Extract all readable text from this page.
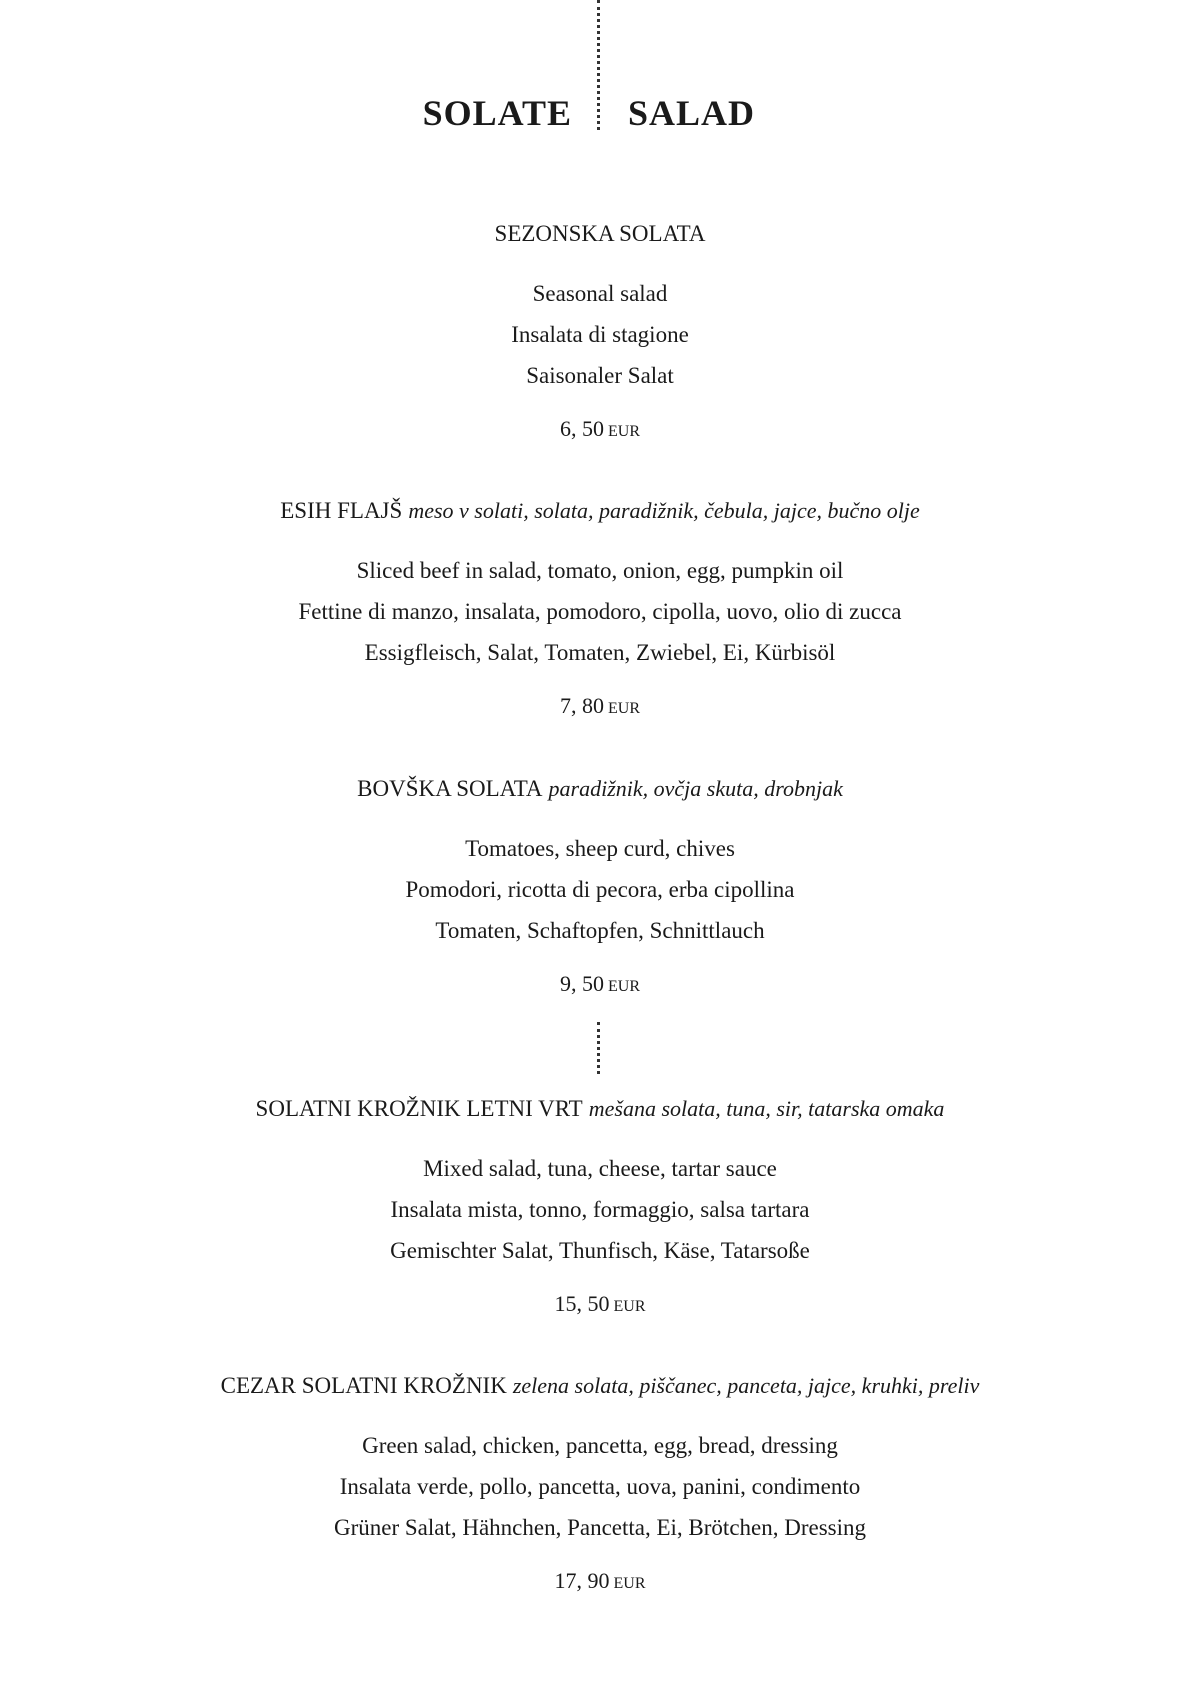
SOLATE SALAD
SEZONSKA SOLATA
Seasonal salad
Insalata di stagione
Saisonaler Salat
6, 50 EUR
ESIH FLAJŠ meso v solati, solata, paradižnik, čebula, jajce, bučno olje
Sliced beef in salad, tomato, onion, egg, pumpkin oil
Fettine di manzo, insalata, pomodoro, cipolla, uovo, olio di zucca
Essigfleisch, Salat, Tomaten, Zwiebel, Ei, Kürbisöl
7, 80 EUR
BOVŠKA SOLATA paradižnik, ovčja skuta, drobnjak
Tomatoes, sheep curd, chives
Pomodori, ricotta di pecora, erba cipollina
Tomaten, Schaftopfen, Schnittlauch
9, 50 EUR
SOLATNI KROŽNIK LETNI VRT mešana solata, tuna, sir, tatarska omaka
Mixed salad, tuna, cheese, tartar sauce
Insalata mista, tonno, formaggio, salsa tartara
Gemischter Salat, Thunfisch, Käse, Tatarsoße
15, 50 EUR
CEZAR SOLATNI KROŽNIK zelena solata, piščanec, panceta, jajce, kruhki, preliv
Green salad, chicken, pancetta, egg, bread, dressing
Insalata verde, pollo, pancetta, uova, panini, condimento
Grüner Salat, Hähnchen, Pancetta, Ei, Brötchen, Dressing
17, 90 EUR
